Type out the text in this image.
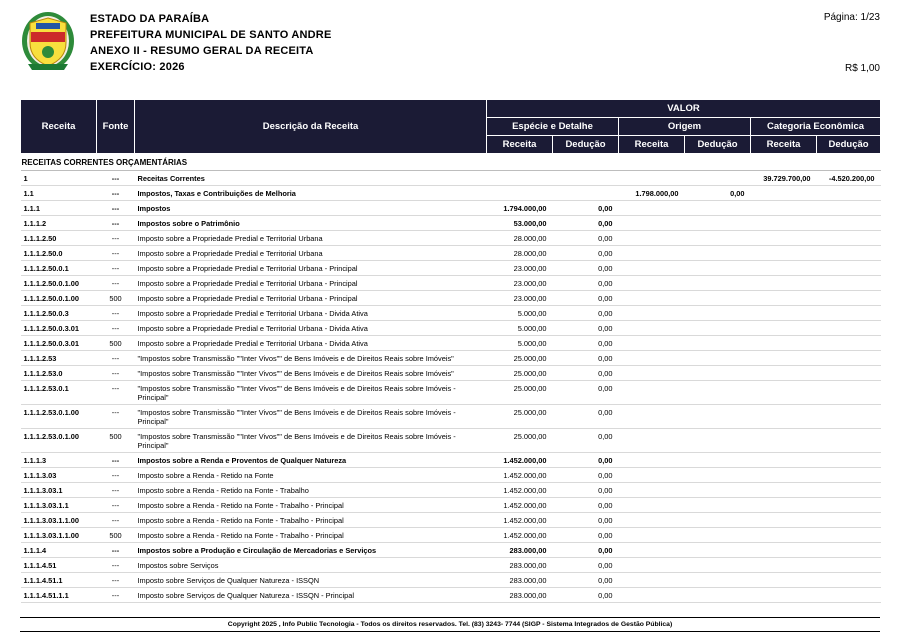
ESTADO DA PARAÍBA
PREFEITURA MUNICIPAL DE SANTO ANDRE
ANEXO II - RESUMO GERAL DA RECEITA
EXERCÍCIO: 2026
Página: 1/23
R$ 1,00
Receita	Fonte	Descrição da Receita	VALOR					
			Espécie e Detalhe		Origem		Categoria Econômica	
			Receita	Dedução	Receita	Dedução	Receita	Dedução
RECEITAS CORRENTES ORÇAMENTÁRIAS								
1	---	Receitas Correntes					39.729.700,00	-4.520.200,00
1.1	---	Impostos, Taxas e Contribuições de Melhoria			1.798.000,00	0,00		
1.1.1	---	Impostos	1.794.000,00	0,00				
1.1.1.2	---	Impostos sobre o Patrimônio	53.000,00	0,00				
1.1.1.2.50	---	Imposto sobre a Propriedade Predial e Territorial Urbana	28.000,00	0,00				
1.1.1.2.50.0	---	Imposto sobre a Propriedade Predial e Territorial Urbana	28.000,00	0,00				
1.1.1.2.50.0.1	---	Imposto sobre a Propriedade Predial e Territorial Urbana - Principal	23.000,00	0,00				
1.1.1.2.50.0.1.00	---	Imposto sobre a Propriedade Predial e Territorial Urbana - Principal	23.000,00	0,00				
1.1.1.2.50.0.1.00	500	Imposto sobre a Propriedade Predial e Territorial Urbana - Principal	23.000,00	0,00				
1.1.1.2.50.0.3	---	Imposto sobre a Propriedade Predial e Territorial Urbana - Divida Ativa	5.000,00	0,00				
1.1.1.2.50.0.3.01	---	Imposto sobre a Propriedade Predial e Territorial Urbana - Divida Ativa	5.000,00	0,00				
1.1.1.2.50.0.3.01	500	Imposto sobre a Propriedade Predial e Territorial Urbana - Divida Ativa	5.000,00	0,00				
1.1.1.2.53	---	"Impostos sobre Transmissão ""Inter Vivos"" de Bens Imóveis e de Direitos Reais sobre Imóveis"	25.000,00	0,00				
1.1.1.2.53.0	---	"Impostos sobre Transmissão ""Inter Vivos"" de Bens Imóveis e de Direitos Reais sobre Imóveis"	25.000,00	0,00				
1.1.1.2.53.0.1	---	"Impostos sobre Transmissão ""Inter Vivos"" de Bens Imóveis e de Direitos Reais sobre Imóveis - Principal"	25.000,00	0,00				
1.1.1.2.53.0.1.00	---	"Impostos sobre Transmissão ""Inter Vivos"" de Bens Imóveis e de Direitos Reais sobre Imóveis - Principal"	25.000,00	0,00				
1.1.1.2.53.0.1.00	500	"Impostos sobre Transmissão ""Inter Vivos"" de Bens Imóveis e de Direitos Reais sobre Imóveis - Principal"	25.000,00	0,00				
1.1.1.3	---	Impostos sobre a Renda e Proventos de Qualquer Natureza	1.452.000,00	0,00				
1.1.1.3.03	---	Imposto sobre a Renda - Retido na Fonte	1.452.000,00	0,00				
1.1.1.3.03.1	---	Imposto sobre a Renda - Retido na Fonte - Trabalho	1.452.000,00	0,00				
1.1.1.3.03.1.1	---	Imposto sobre a Renda - Retido na Fonte - Trabalho - Principal	1.452.000,00	0,00				
1.1.1.3.03.1.1.00	---	Imposto sobre a Renda - Retido na Fonte - Trabalho - Principal	1.452.000,00	0,00				
1.1.1.3.03.1.1.00	500	Imposto sobre a Renda - Retido na Fonte - Trabalho - Principal	1.452.000,00	0,00				
1.1.1.4	---	Impostos sobre a Produção e Circulação de Mercadorias e Serviços	283.000,00	0,00				
1.1.1.4.51	---	Impostos sobre Serviços	283.000,00	0,00				
1.1.1.4.51.1	---	Imposto sobre Serviços de Qualquer Natureza - ISSQN	283.000,00	0,00				
1.1.1.4.51.1.1	---	Imposto sobre Serviços de Qualquer Natureza - ISSQN - Principal	283.000,00	0,00				
Copyright 2025 , Info Public Tecnologia - Todos os direitos reservados. Tel. (83) 3243- 7744 (SIGP - Sistema Integrados de Gestão Pública)
